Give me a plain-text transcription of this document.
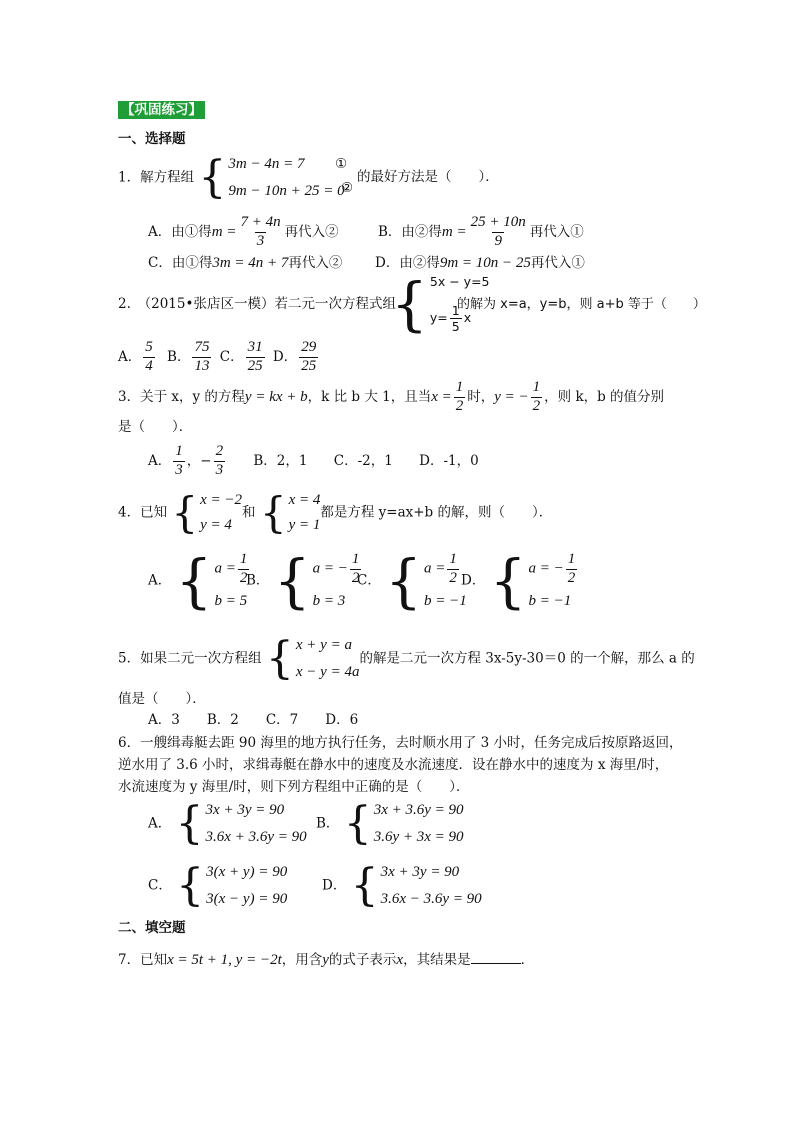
【巩固练习】
一、选择题
1．解方程组 { 3m − 4n = 7
9m − 10n + 25 = 0
①
②
的最好方法是（　　）．
A．由①得$m = \frac{7 + 4n}{3}$ 再代入②	B．由②得$m = \frac{25 + 10n}{9}$ 再代入①
C．由①得3m = 4n + 7再代入② D．由②得9m = 10n − 25再代入①
2.　（2015•张店区一模）若二元一次方程式组
{ 5x − y=5
$y= \frac{1}{5}$ x
的解为 x=a，y=b，则 a+b 等于（　　）
A． $\frac{5}{4}$ B． $\frac{75}{13}$ C． $\frac{31}{25}$ D． $\frac{29}{25}$
3．关于 x，y 的方程y = kx + b，k 比 b 大 1，且当$x = \frac{1}{2}$ 时，y = − $\frac{1}{2}$ ，则 k，b 的值分别
是（　　）．
A． $\frac{1}{3}$ ，− $\frac{2}{3}$ B．2，1 C．-2，1 D．-1，0
4．已知 { x = −2
y = 4
和 { x = 4
y = 1
都是方程 y=ax+b 的解，则（　　）．
A． { $a = \frac{1}{2}$
b = 5
B． { a = − $\frac{1}{2}$
b = 3
C． { $a = \frac{1}{2}$
b = −1
D． { a = − $\frac{1}{2}$
b = −1
5．如果二元一次方程组 { x + y = a
x − y = 4a
的解是二元一次方程 3x-5y-30＝0 的一个解，那么 a 的
值是（　　）．
A．3　　B．2　　C．7　　D．6
6．一艘缉毒艇去距 90 海里的地方执行任务，去时顺水用了 3 小时，任务完成后按原路返回，
逆水用了 3.6 小时，求缉毒艇在静水中的速度及水流速度．设在静水中的速度为 x 海里/时，
水流速度为 y 海里/时，则下列方程组中正确的是（　　）．
A． { 3x + 3y = 90
3.6x + 3.6y = 90
B． { 3x + 3.6y = 90
3.6y + 3x = 90
C． { 3(x + y) = 90
3(x − y) = 90
D． { 3x + 3y = 90
3.6x − 3.6y = 90
二、填空题
7．已知x = 5t + 1, y = −2t，用含y的式子表示x，其结果是	．
